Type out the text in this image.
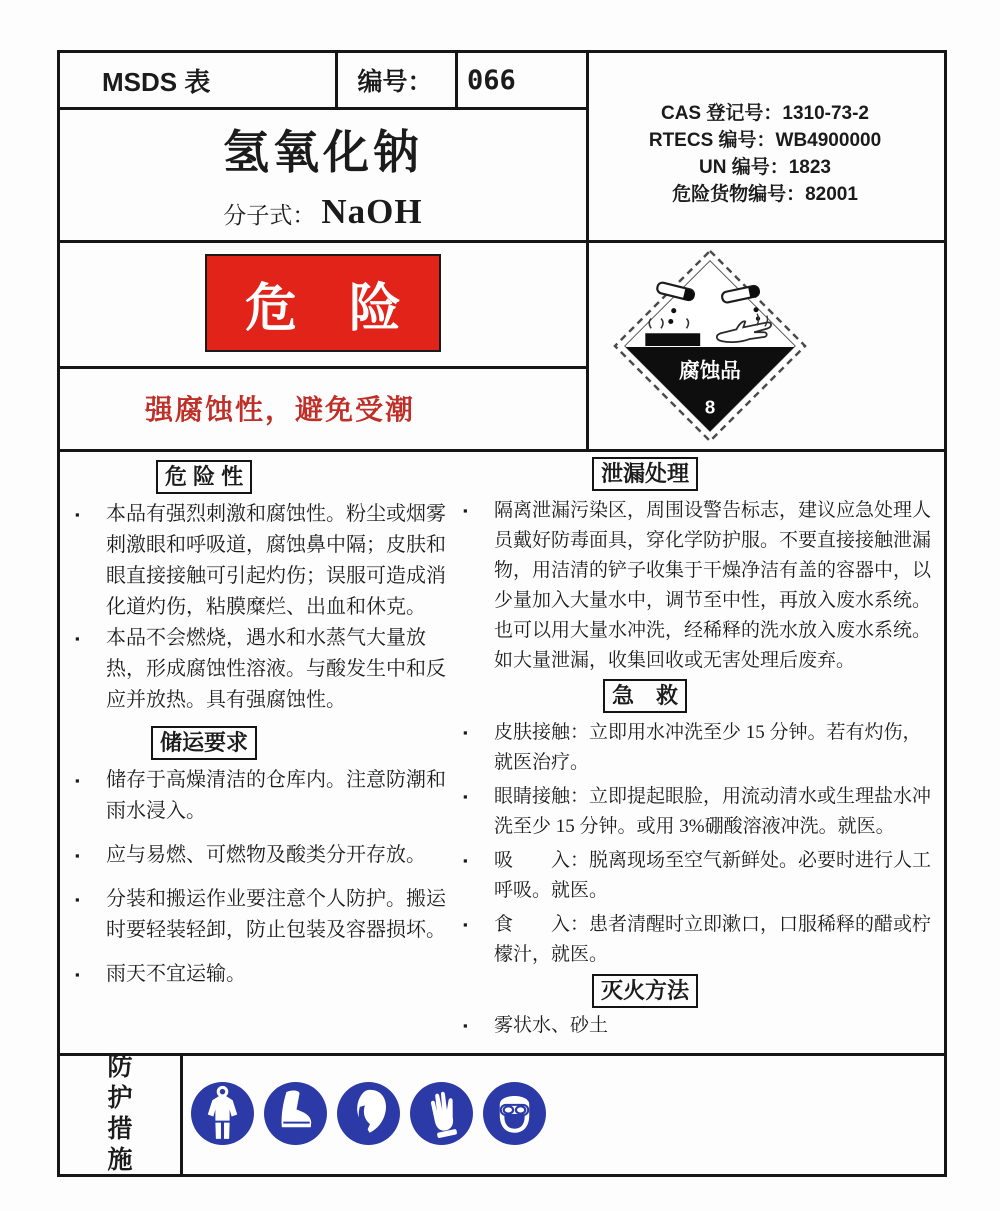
MSDS 表	编号：	066
氢氧化钠
分子式： NaOH
CAS 登记号：1310-73-2
RTECS 编号：WB4900000
UN 编号：1823
危险货物编号：82001
危　险
强腐蚀性，避免受潮
腐蚀品
8
危 险 性
▪ 本品有强烈刺激和腐蚀性。粉尘或烟雾刺激眼和呼吸道，腐蚀鼻中隔；皮肤和眼直接接触可引起灼伤；误服可造成消化道灼伤，粘膜糜烂、出血和休克。
▪ 本品不会燃烧，遇水和水蒸气大量放热，形成腐蚀性溶液。与酸发生中和反应并放热。具有强腐蚀性。
储运要求
▪ 储存于高燥清洁的仓库内。注意防潮和雨水浸入。
▪ 应与易燃、可燃物及酸类分开存放。
▪ 分装和搬运作业要注意个人防护。搬运时要轻装轻卸，防止包装及容器损坏。
▪ 雨天不宜运输。
泄漏处理
▪ 隔离泄漏污染区，周围设警告标志，建议应急处理人员戴好防毒面具，穿化学防护服。不要直接接触泄漏物，用洁清的铲子收集于干燥净洁有盖的容器中，以少量加入大量水中，调节至中性，再放入废水系统。也可以用大量水冲洗，经稀释的洗水放入废水系统。如大量泄漏，收集回收或无害处理后废弃。
急　救
▪ 皮肤接触：立即用水冲洗至少 15 分钟。若有灼伤，就医治疗。
▪ 眼睛接触：立即提起眼脸，用流动清水或生理盐水冲洗至少 15 分钟。或用 3%硼酸溶液冲洗。就医。
▪ 吸　　入：脱离现场至空气新鲜处。必要时进行人工呼吸。就医。
▪ 食　　入：患者清醒时立即漱口，口服稀释的醋或柠檬汁，就医。
灭火方法
▪ 雾状水、砂土
防护措施
